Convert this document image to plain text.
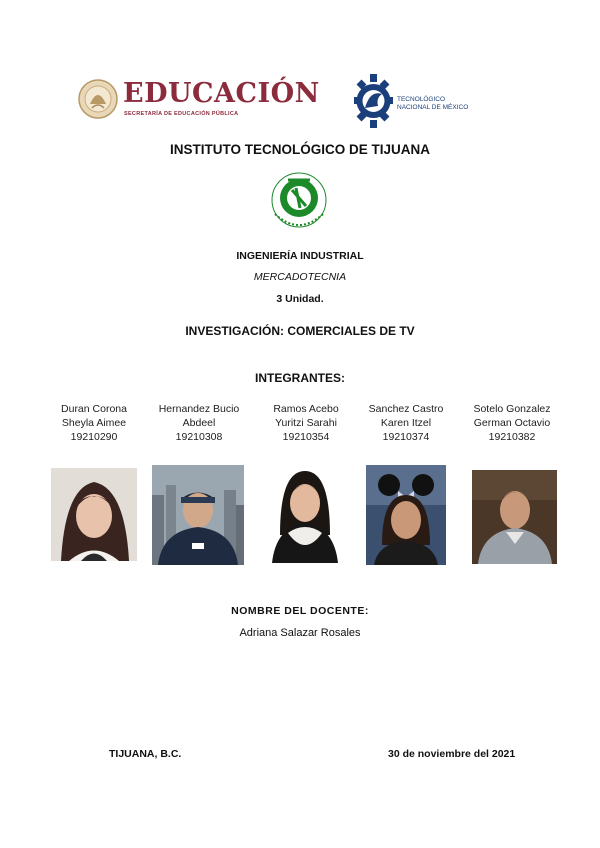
EDUCACIÓN
SECRETARÍA DE EDUCACIÓN PÚBLICA
TECNOLÓGICO
NACIONAL DE MÉXICO
INSTITUTO TECNOLÓGICO DE TIJUANA
INGENIERÍA INDUSTRIAL
MERCADOTECNIA
3 Unidad.
INVESTIGACIÓN: COMERCIALES DE TV
INTEGRANTES:
Duran Corona
Sheyla Aimee
19210290
Hernandez Bucio
Abdeel
19210308
Ramos Acebo
Yuritzi Sarahi
19210354
Sanchez Castro
Karen Itzel
19210374
Sotelo Gonzalez
German Octavio
19210382
NOMBRE DEL DOCENTE:
Adriana Salazar Rosales
TIJUANA, B.C.	30 de noviembre del 2021
